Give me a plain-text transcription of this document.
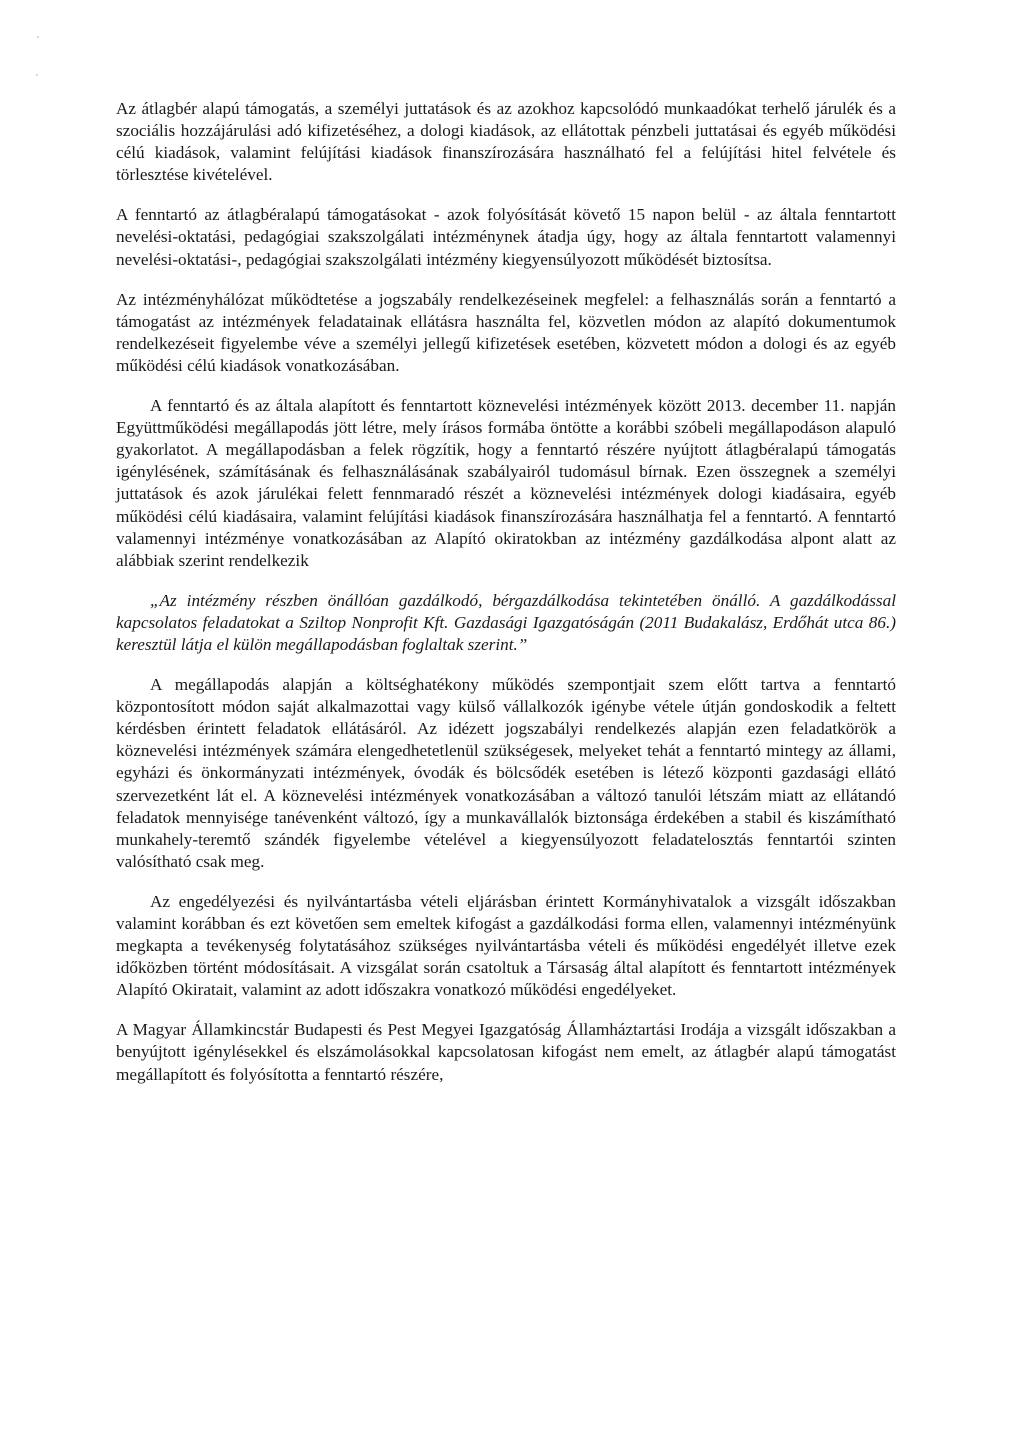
Az átlagbér alapú támogatás, a személyi juttatások és az azokhoz kapcsolódó munkaadókat terhelő járulék és a szociális hozzájárulási adó kifizetéséhez, a dologi kiadások, az ellátottak pénzbeli juttatásai és egyéb működési célú kiadások, valamint felújítási kiadások finanszírozására használható fel a felújítási hitel felvétele és törlesztése kivételével.

A fenntartó az átlagbéralapú támogatásokat - azok folyósítását követő 15 napon belül - az általa fenntartott nevelési-oktatási, pedagógiai szakszolgálati intézménynek átadja úgy, hogy az általa fenntartott valamennyi nevelési-oktatási-, pedagógiai szakszolgálati intézmény kiegyensúlyozott működését biztosítsa.

Az intézményhálózat működtetése a jogszabály rendelkezéseinek megfelel: a felhasználás során a fenntartó a támogatást az intézmények feladatainak ellátásra használta fel, közvetlen módon az alapító dokumentumok rendelkezéseit figyelembe véve a személyi jellegű kifizetések esetében, közvetett módon a dologi és az egyéb működési célú kiadások vonatkozásában.

A fenntartó és az általa alapított és fenntartott köznevelési intézmények között 2013. december 11. napján Együttműködési megállapodás jött létre, mely írásos formába öntötte a korábbi szóbeli megállapodáson alapuló gyakorlatot. A megállapodásban a felek rögzítik, hogy a fenntartó részére nyújtott átlagbéralapú támogatás igénylésének, számításának és felhasználásának szabályairól tudomásul bírnak. Ezen összegnek a személyi juttatások és azok járulékai felett fennmaradó részét a köznevelési intézmények dologi kiadásaira, egyéb működési célú kiadásaira, valamint felújítási kiadások finanszírozására használhatja fel a fenntartó. A fenntartó valamennyi intézménye vonatkozásában az Alapító okiratokban az intézmény gazdálkodása alpont alatt az alábbiak szerint rendelkezik

„Az intézmény részben önállóan gazdálkodó, bérgazdálkodása tekintetében önálló. A gazdálkodással kapcsolatos feladatokat a Sziltop Nonprofit Kft. Gazdasági Igazgatóságán (2011 Budakalász, Erdőhát utca 86.) keresztül látja el külön megállapodásban foglaltak szerint.”

A megállapodás alapján a költséghatékony működés szempontjait szem előtt tartva a fenntartó központosított módon saját alkalmazottai vagy külső vállalkozók igénybe vétele útján gondoskodik a feltett kérdésben érintett feladatok ellátásáról. Az idézett jogszabályi rendelkezés alapján ezen feladatkörök a köznevelési intézmények számára elengedhetetlenül szükségesek, melyeket tehát a fenntartó mintegy az állami, egyházi és önkormányzati intézmények, óvodák és bölcsődék esetében is létező központi gazdasági ellátó szervezetként lát el. A köznevelési intézmények vonatkozásában a változó tanulói létszám miatt az ellátandó feladatok mennyisége tanévenként változó, így a munkavállalók biztonsága érdekében a stabil és kiszámítható munkahely-teremtő szándék figyelembe vételével a kiegyensúlyozott feladatelosztás fenntartói szinten valósítható csak meg.

Az engedélyezési és nyilvántartásba vételi eljárásban érintett Kormányhivatalok a vizsgált időszakban valamint korábban és ezt követően sem emeltek kifogást a gazdálkodási forma ellen, valamennyi intézményünk megkapta a tevékenység folytatásához szükséges nyilvántartásba vételi és működési engedélyét illetve ezek időközben történt módosításait. A vizsgálat során csatoltuk a Társaság által alapított és fenntartott intézmények Alapító Okiratait, valamint az adott időszakra vonatkozó működési engedélyeket.

A Magyar Államkincstár Budapesti és Pest Megyei Igazgatóság Államháztartási Irodája a vizsgált időszakban a benyújtott igénylésekkel és elszámolásokkal kapcsolatosan kifogást nem emelt, az átlagbér alapú támogatást megállapított és folyósította a fenntartó részére,
